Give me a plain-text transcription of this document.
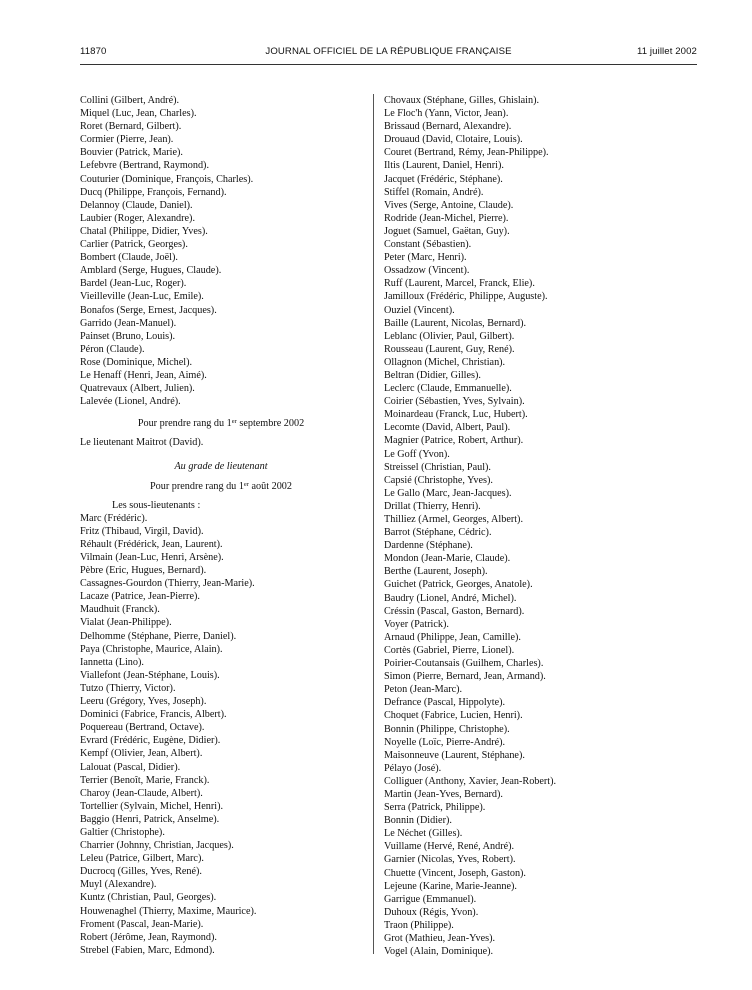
11870	JOURNAL OFFICIEL DE LA RÉPUBLIQUE FRANÇAISE	11 juillet 2002
Collini (Gilbert, André).
Miquel (Luc, Jean, Charles).
Roret (Bernard, Gilbert).
Cormier (Pierre, Jean).
Bouvier (Patrick, Marie).
Lefebvre (Bertrand, Raymond).
Couturier (Dominique, François, Charles).
Ducq (Philippe, François, Fernand).
Delannoy (Claude, Daniel).
Laubier (Roger, Alexandre).
Chatal (Philippe, Didier, Yves).
Carlier (Patrick, Georges).
Bombert (Claude, Joël).
Amblard (Serge, Hugues, Claude).
Bardel (Jean-Luc, Roger).
Vieilleville (Jean-Luc, Emile).
Bonafos (Serge, Ernest, Jacques).
Garrido (Jean-Manuel).
Painset (Bruno, Louis).
Péron (Claude).
Rose (Dominique, Michel).
Le Henaff (Henri, Jean, Aimé).
Quatrevaux (Albert, Julien).
Lalevée (Lionel, André).
Pour prendre rang du 1er septembre 2002
Le lieutenant Maitrot (David).
Au grade de lieutenant
Pour prendre rang du 1er août 2002
Les sous-lieutenants :
Marc (Frédéric).
Fritz (Thibaud, Virgil, David).
Réhault (Frédérick, Jean, Laurent).
Vilmain (Jean-Luc, Henri, Arsène).
Pèbre (Eric, Hugues, Bernard).
Cassagnes-Gourdon (Thierry, Jean-Marie).
Lacaze (Patrice, Jean-Pierre).
Maudhuit (Franck).
Vialat (Jean-Philippe).
Delhomme (Stéphane, Pierre, Daniel).
Paya (Christophe, Maurice, Alain).
Iannetta (Lino).
Viallefont (Jean-Stéphane, Louis).
Tutzo (Thierry, Victor).
Leeru (Grégory, Yves, Joseph).
Dominici (Fabrice, Francis, Albert).
Poquereau (Bertrand, Octave).
Evrard (Frédéric, Eugène, Didier).
Kempf (Olivier, Jean, Albert).
Lalouat (Pascal, Didier).
Terrier (Benoît, Marie, Franck).
Charoy (Jean-Claude, Albert).
Tortellier (Sylvain, Michel, Henri).
Baggio (Henri, Patrick, Anselme).
Galtier (Christophe).
Charrier (Johnny, Christian, Jacques).
Leleu (Patrice, Gilbert, Marc).
Ducrocq (Gilles, Yves, René).
Muyl (Alexandre).
Kuntz (Christian, Paul, Georges).
Houwenaghel (Thierry, Maxime, Maurice).
Froment (Pascal, Jean-Marie).
Robert (Jérôme, Jean, Raymond).
Strebel (Fabien, Marc, Edmond).
Chovaux (Stéphane, Gilles, Ghislain).
Le Floc'h (Yann, Victor, Jean).
Brissaud (Bernard, Alexandre).
Drouaud (David, Clotaire, Louis).
Couret (Bertrand, Rémy, Jean-Philippe).
Iltis (Laurent, Daniel, Henri).
Jacquet (Frédéric, Stéphane).
Stiffel (Romain, André).
Vives (Serge, Antoine, Claude).
Rodride (Jean-Michel, Pierre).
Joguet (Samuel, Gaëtan, Guy).
Constant (Sébastien).
Peter (Marc, Henri).
Ossadzow (Vincent).
Ruff (Laurent, Marcel, Franck, Elie).
Jamilloux (Frédéric, Philippe, Auguste).
Ouziel (Vincent).
Baille (Laurent, Nicolas, Bernard).
Leblanc (Olivier, Paul, Gilbert).
Rousseau (Laurent, Guy, René).
Ollagnon (Michel, Christian).
Beltran (Didier, Gilles).
Leclerc (Claude, Emmanuelle).
Coirier (Sébastien, Yves, Sylvain).
Moinardeau (Franck, Luc, Hubert).
Lecomte (David, Albert, Paul).
Magnier (Patrice, Robert, Arthur).
Le Goff (Yvon).
Streissel (Christian, Paul).
Capsié (Christophe, Yves).
Le Gallo (Marc, Jean-Jacques).
Drillat (Thierry, Henri).
Thilliez (Armel, Georges, Albert).
Barrot (Stéphane, Cédric).
Dardenne (Stéphane).
Mondon (Jean-Marie, Claude).
Berthe (Laurent, Joseph).
Guichet (Patrick, Georges, Anatole).
Baudry (Lionel, André, Michel).
Créssin (Pascal, Gaston, Bernard).
Voyer (Patrick).
Arnaud (Philippe, Jean, Camille).
Cortès (Gabriel, Pierre, Lionel).
Poirier-Coutansais (Guilhem, Charles).
Simon (Pierre, Bernard, Jean, Armand).
Peton (Jean-Marc).
Defrance (Pascal, Hippolyte).
Choquet (Fabrice, Lucien, Henri).
Bonnin (Philippe, Christophe).
Noyelle (Loïc, Pierre-André).
Maisonneuve (Laurent, Stéphane).
Pélayo (José).
Colliguer (Anthony, Xavier, Jean-Robert).
Martin (Jean-Yves, Bernard).
Serra (Patrick, Philippe).
Bonnin (Didier).
Le Néchet (Gilles).
Vuillame (Hervé, René, André).
Garnier (Nicolas, Yves, Robert).
Chuette (Vincent, Joseph, Gaston).
Lejeune (Karine, Marie-Jeanne).
Garrigue (Emmanuel).
Duhoux (Régis, Yvon).
Traon (Philippe).
Grot (Mathieu, Jean-Yves).
Vogel (Alain, Dominique).
